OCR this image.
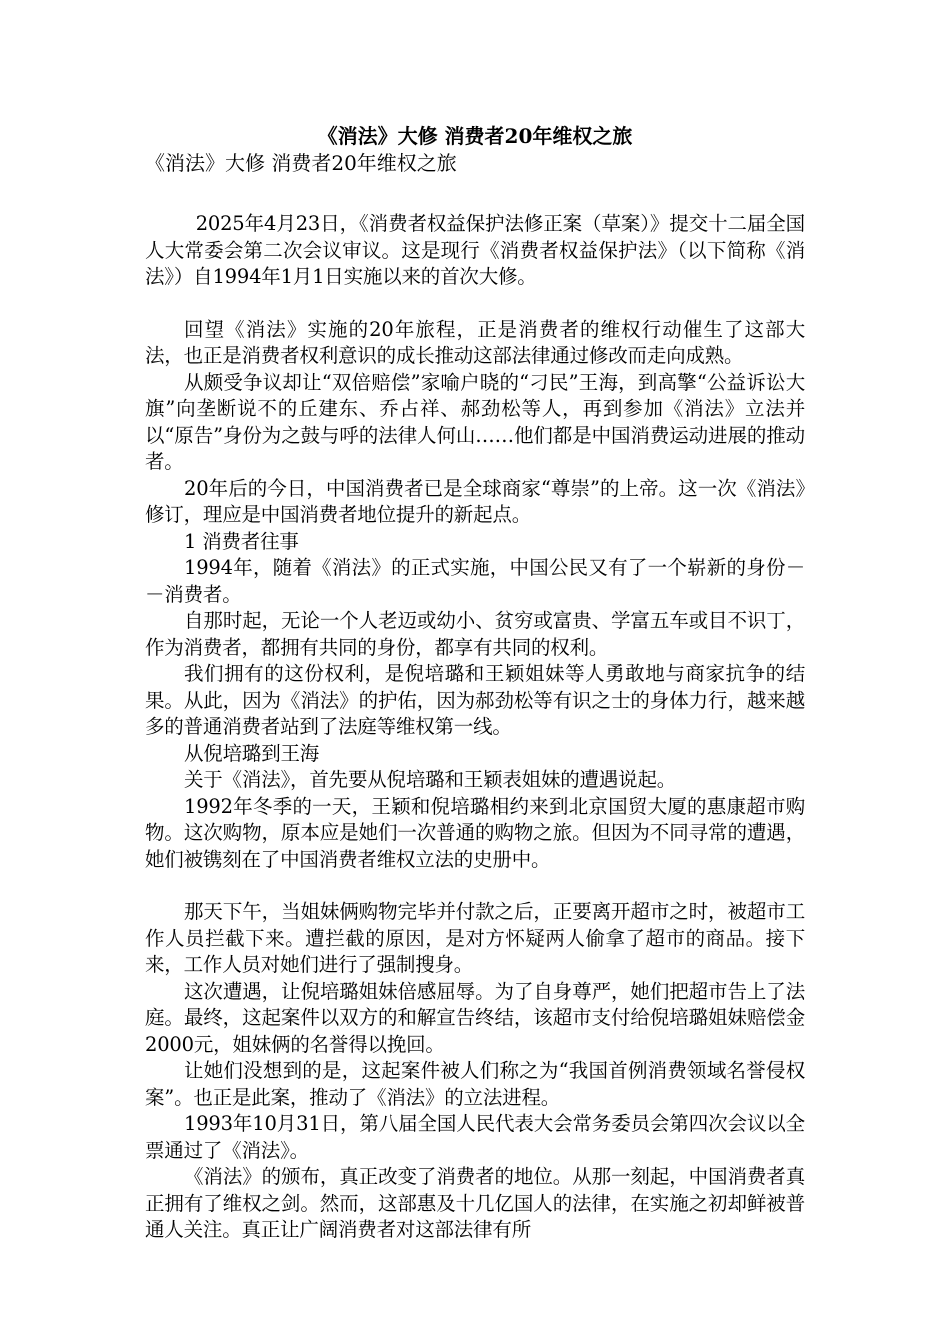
《消法》大修 消费者20年维权之旅

《消法》大修 消费者20年维权之旅

2025年4月23日，《消费者权益保护法修正案（草案）》提交十二届全国人大常委会第二次会议审议。这是现行《消费者权益保护法》（以下简称《消法》）自1994年1月1日实施以来的首次大修。

回望《消法》实施的20年旅程，正是消费者的维权行动催生了这部大法，也正是消费者权利意识的成长推动这部法律通过修改而走向成熟。

从颇受争议却让“双倍赔偿”家喻户晓的“刁民”王海，到高擎“公益诉讼大旗”向垄断说不的丘建东、乔占祥、郝劲松等人，再到参加《消法》立法并以“原告”身份为之鼓与呼的法律人何山……他们都是中国消费运动进展的推动者。

20年后的今日，中国消费者已是全球商家“尊崇”的上帝。这一次《消法》修订，理应是中国消费者地位提升的新起点。

1 消费者往事

1994年，随着《消法》的正式实施，中国公民又有了一个崭新的身份－－消费者。

自那时起，无论一个人老迈或幼小、贫穷或富贵、学富五车或目不识丁，作为消费者，都拥有共同的身份，都享有共同的权利。

我们拥有的这份权利，是倪培璐和王颖姐妹等人勇敢地与商家抗争的结果。从此，因为《消法》的护佑，因为郝劲松等有识之士的身体力行，越来越多的普通消费者站到了法庭等维权第一线。

从倪培璐到王海

关于《消法》，首先要从倪培璐和王颖表姐妹的遭遇说起。

1992年冬季的一天，王颖和倪培璐相约来到北京国贸大厦的惠康超市购物。这次购物，原本应是她们一次普通的购物之旅。但因为不同寻常的遭遇，她们被镌刻在了中国消费者维权立法的史册中。

那天下午，当姐妹俩购物完毕并付款之后，正要离开超市之时，被超市工作人员拦截下来。遭拦截的原因，是对方怀疑两人偷拿了超市的商品。接下来，工作人员对她们进行了强制搜身。

这次遭遇，让倪培璐姐妹倍感屈辱。为了自身尊严，她们把超市告上了法庭。最终，这起案件以双方的和解宣告终结，该超市支付给倪培璐姐妹赔偿金2000元，姐妹俩的名誉得以挽回。

让她们没想到的是，这起案件被人们称之为“我国首例消费领域名誉侵权案”。也正是此案，推动了《消法》的立法进程。

1993年10月31日，第八届全国人民代表大会常务委员会第四次会议以全票通过了《消法》。

《消法》的颁布，真正改变了消费者的地位。从那一刻起，中国消费者真正拥有了维权之剑。然而，这部惠及十几亿国人的法律，在实施之初却鲜被普通人关注。真正让广阔消费者对这部法律有所
